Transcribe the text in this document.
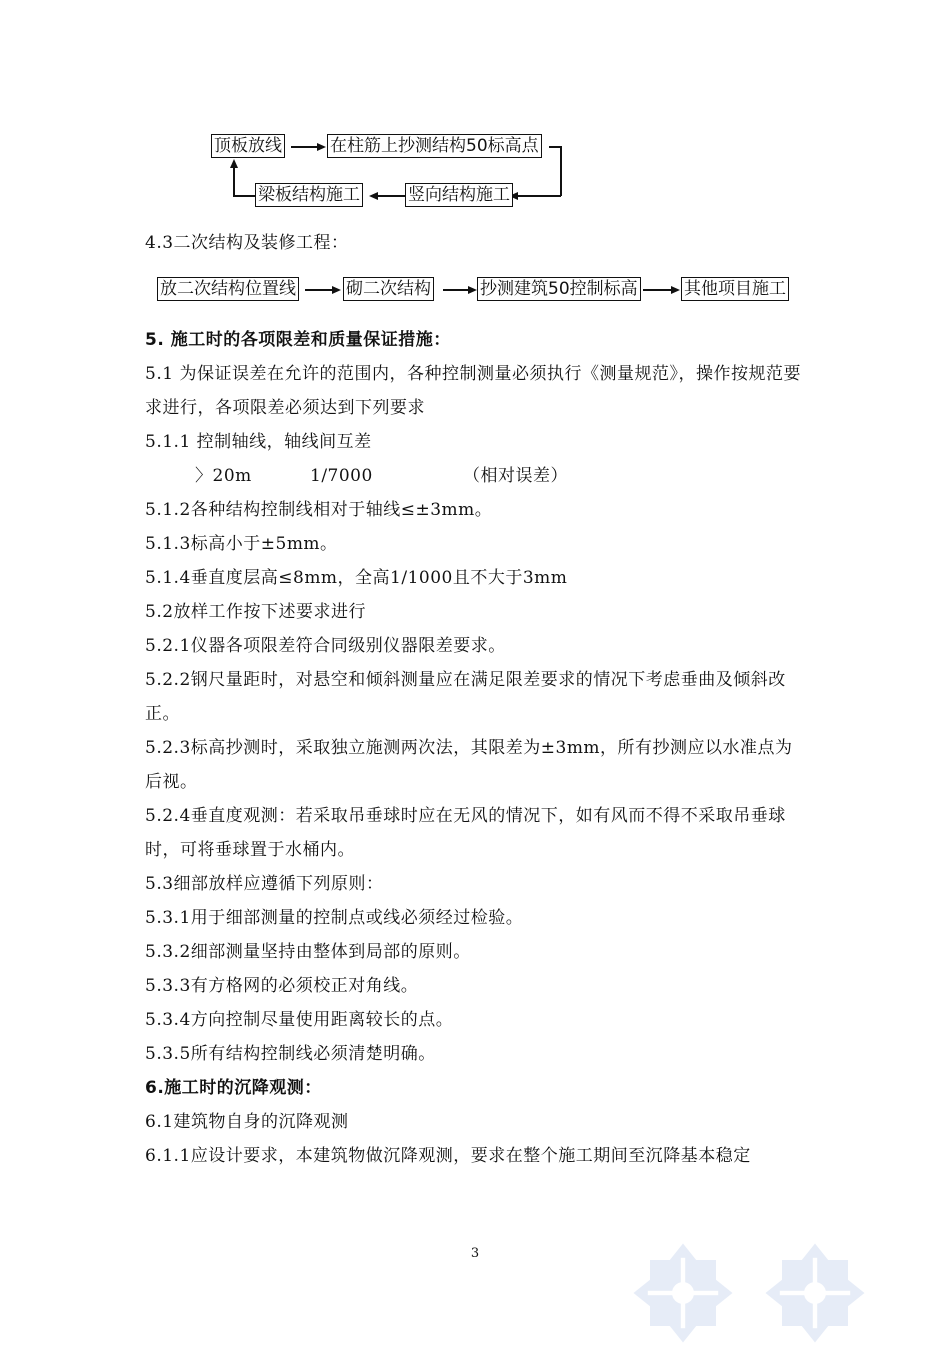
顶板放线	在柱筋上抄测结构50标高点
竖向结构施工
梁板结构施工

4.3二次结构及装修工程：

放二次结构位置线	砌二次结构	抄测建筑50控制标高	其他项目施工

5. 施工时的各项限差和质量保证措施：

5.1 为保证误差在允许的范围内，各种控制测量必须执行《测量规范》，操作按规范要求进行，各项限差必须达到下列要求

5.1.1 控制轴线，轴线间互差

〉20m	1/7000	（相对误差）

5.1.2各种结构控制线相对于轴线≤±3mm。

5.1.3标高小于±5mm。

5.1.4垂直度层高≤8mm，全高1/1000且不大于3mm

5.2放样工作按下述要求进行

5.2.1仪器各项限差符合同级别仪器限差要求。

5.2.2钢尺量距时，对悬空和倾斜测量应在满足限差要求的情况下考虑垂曲及倾斜改正。

5.2.3标高抄测时，采取独立施测两次法，其限差为±3mm，所有抄测应以水准点为后视。

5.2.4垂直度观测：若采取吊垂球时应在无风的情况下，如有风而不得不采取吊垂球时，可将垂球置于水桶内。

5.3细部放样应遵循下列原则：

5.3.1用于细部测量的控制点或线必须经过检验。

5.3.2细部测量坚持由整体到局部的原则。

5.3.3有方格网的必须校正对角线。

5.3.4方向控制尽量使用距离较长的点。

5.3.5所有结构控制线必须清楚明确。

6.施工时的沉降观测：

6.1建筑物自身的沉降观测

6.1.1应设计要求，本建筑物做沉降观测，要求在整个施工期间至沉降基本稳定

3
